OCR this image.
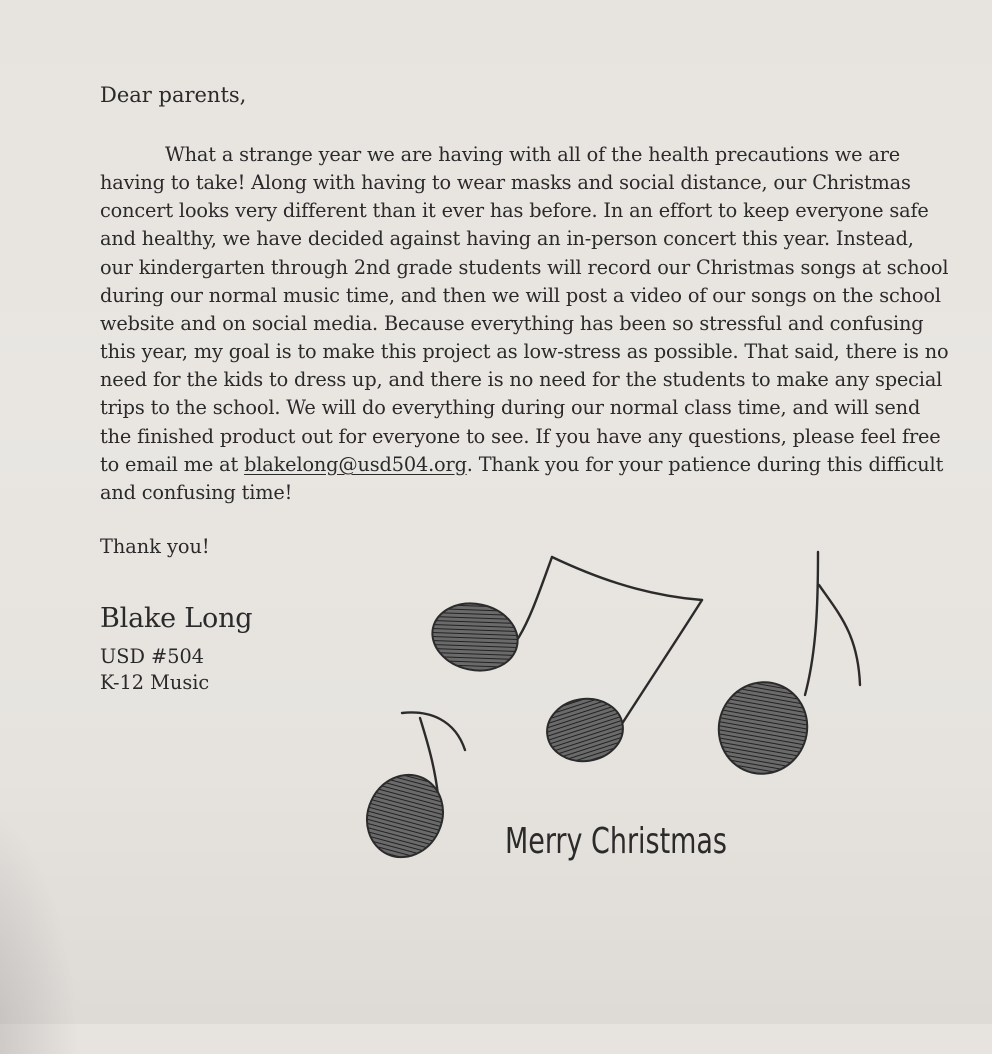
Dear parents,

What a strange year we are having with all of the health precautions we are
having to take! Along with having to wear masks and social distance, our Christmas
concert looks very different than it ever has before. In an effort to keep everyone safe
and healthy, we have decided against having an in-person concert this year. Instead,
our kindergarten through 2nd grade students will record our Christmas songs at school
during our normal music time, and then we will post a video of our songs on the school
website and on social media. Because everything has been so stressful and confusing
this year, my goal is to make this project as low-stress as possible. That said, there is no
need for the kids to dress up, and there is no need for the students to make any special
trips to the school. We will do everything during our normal class time, and will send
the finished product out for everyone to see. If you have any questions, please feel free
to email me at blakelong@usd504.org. Thank you for your patience during this difficult
and confusing time!

Thank you!

Blake Long

USD #504

K-12 Music

Merry Christmas
